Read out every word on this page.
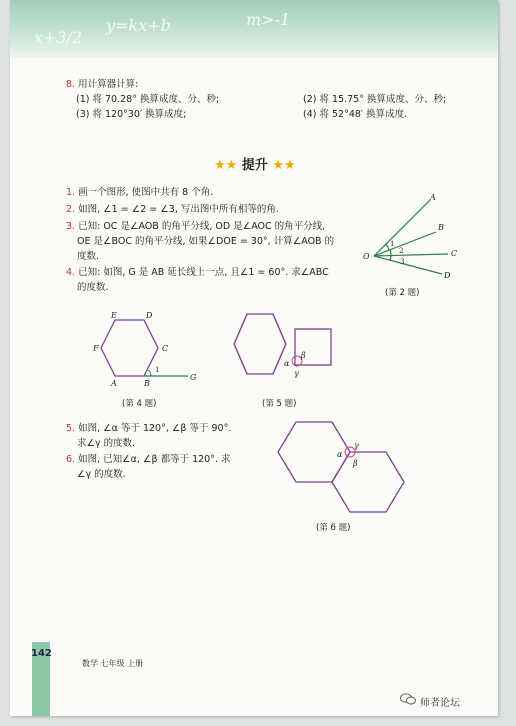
x+3/2
y=kx+b	m>-1
8. 用计算器计算:
(1) 将 70.28° 换算成度、分、秒;	(2) 将 15.75° 换算成度、分、秒;
(3) 将 120°30′ 换算成度;	(4) 将 52°48′ 换算成度.
★★ 提升 ★★
1. 画一个图形, 使图中共有 8 个角.
2. 如图, ∠1 = ∠2 = ∠3, 写出图中所有相等的角.
3. 已知: OC 是∠AOB 的角平分线, OD 是∠AOC 的角平分线,
OE 是∠BOC 的角平分线, 如果∠DOE = 30°, 计算∠AOB 的
度数.
4. 已知: 如图, G 是 AB 延长线上一点, 且∠1 = 60°. 求∠ABC
的度数.
A
B
C
D
O
1
2
3
(第 2 题)
E	D
F	C
A	B
G
1
(第 4 题)
α
β
γ
(第 5 题)
5. 如图, ∠α 等于 120°, ∠β 等于 90°.
求∠γ 的度数.
6. 如图, 已知∠α, ∠β 都等于 120°. 求
∠γ 的度数.
α
β
γ
(第 6 题)
142
数学 七年级 上册
师者论坛
